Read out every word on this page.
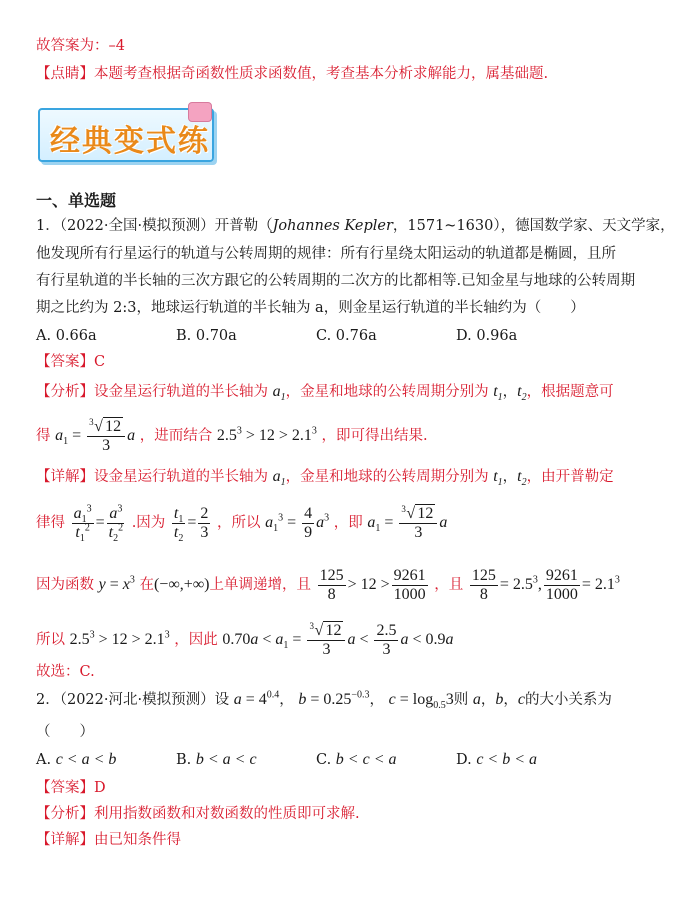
故答案为：–4
【点睛】本题考查根据奇函数性质求函数值，考查基本分析求解能力，属基础题.
经典变式练
一、单选题
1．（2022·全国·模拟预测）开普勒（Johannes Kepler，1571~1630），德国数学家、天文学家，
他发现所有行星运行的轨道与公转周期的规律：所有行星绕太阳运动的轨道都是椭圆，且所
有行星轨道的半长轴的三次方跟它的公转周期的二次方的比都相等.已知金星与地球的公转周期
期之比约为 2:3，地球运行轨道的半长轴为 a，则金星运行轨道的半长轴约为（　　）
A. 0.66a	B. 0.70a	C. 0.76a	D. 0.96a
【答案】C
【分析】设金星运行轨道的半长轴为 $a_1$，金星和地球的公转周期分别为 $t_1$，$t_2$，根据题意可
得 $a_1 = \frac{3 √ 12}{3}$ a ，进而结合 $2.5^3 > 12 > 2.1^3$ ，即可得出结果.
【详解】设金星运行轨道的半长轴为 $a_1$，金星和地球的公转周期分别为 $t_1$，$t_2$，由开普勒定
律得 $\frac{a_1^3}{t_1^2} = \frac{a^3}{t_2^2}$ .因为 $\frac{t_1}{t_2} = \frac{2}{3}$ ，所以 $a_1^3 = \frac{4}{9} a^3$ ，即 $a_1 = \frac{3 √ 12}{3}$ a
因为函数 $y = x^3$ 在(−∞,+∞)上单调递增，且 $\frac{125}{8} > 12 > \frac{9261}{1000}$ ，且 $\frac{125}{8} = 2.5^3$, $\frac{9261}{1000} = 2.1^3$
所以 $2.5^3 > 12 > 2.1^3$ ，因此 $0.70a < a_1 = \frac{3 √ 12}{3}$ $a < \frac{2.5}{3}$ a < 0.9a
故选：C.
2．（2022·河北·模拟预测）设 $a = 4^{0.4}$， $b = 0.25^{-0.3}$， $c = \log_{0.5}3$则 a，b，c的大小关系为
（　　）
A. c < a < b	B. b < a < c	C. b < c < a	D. c < b < a
【答案】D
【分析】利用指数函数和对数函数的性质即可求解.
【详解】由已知条件得
